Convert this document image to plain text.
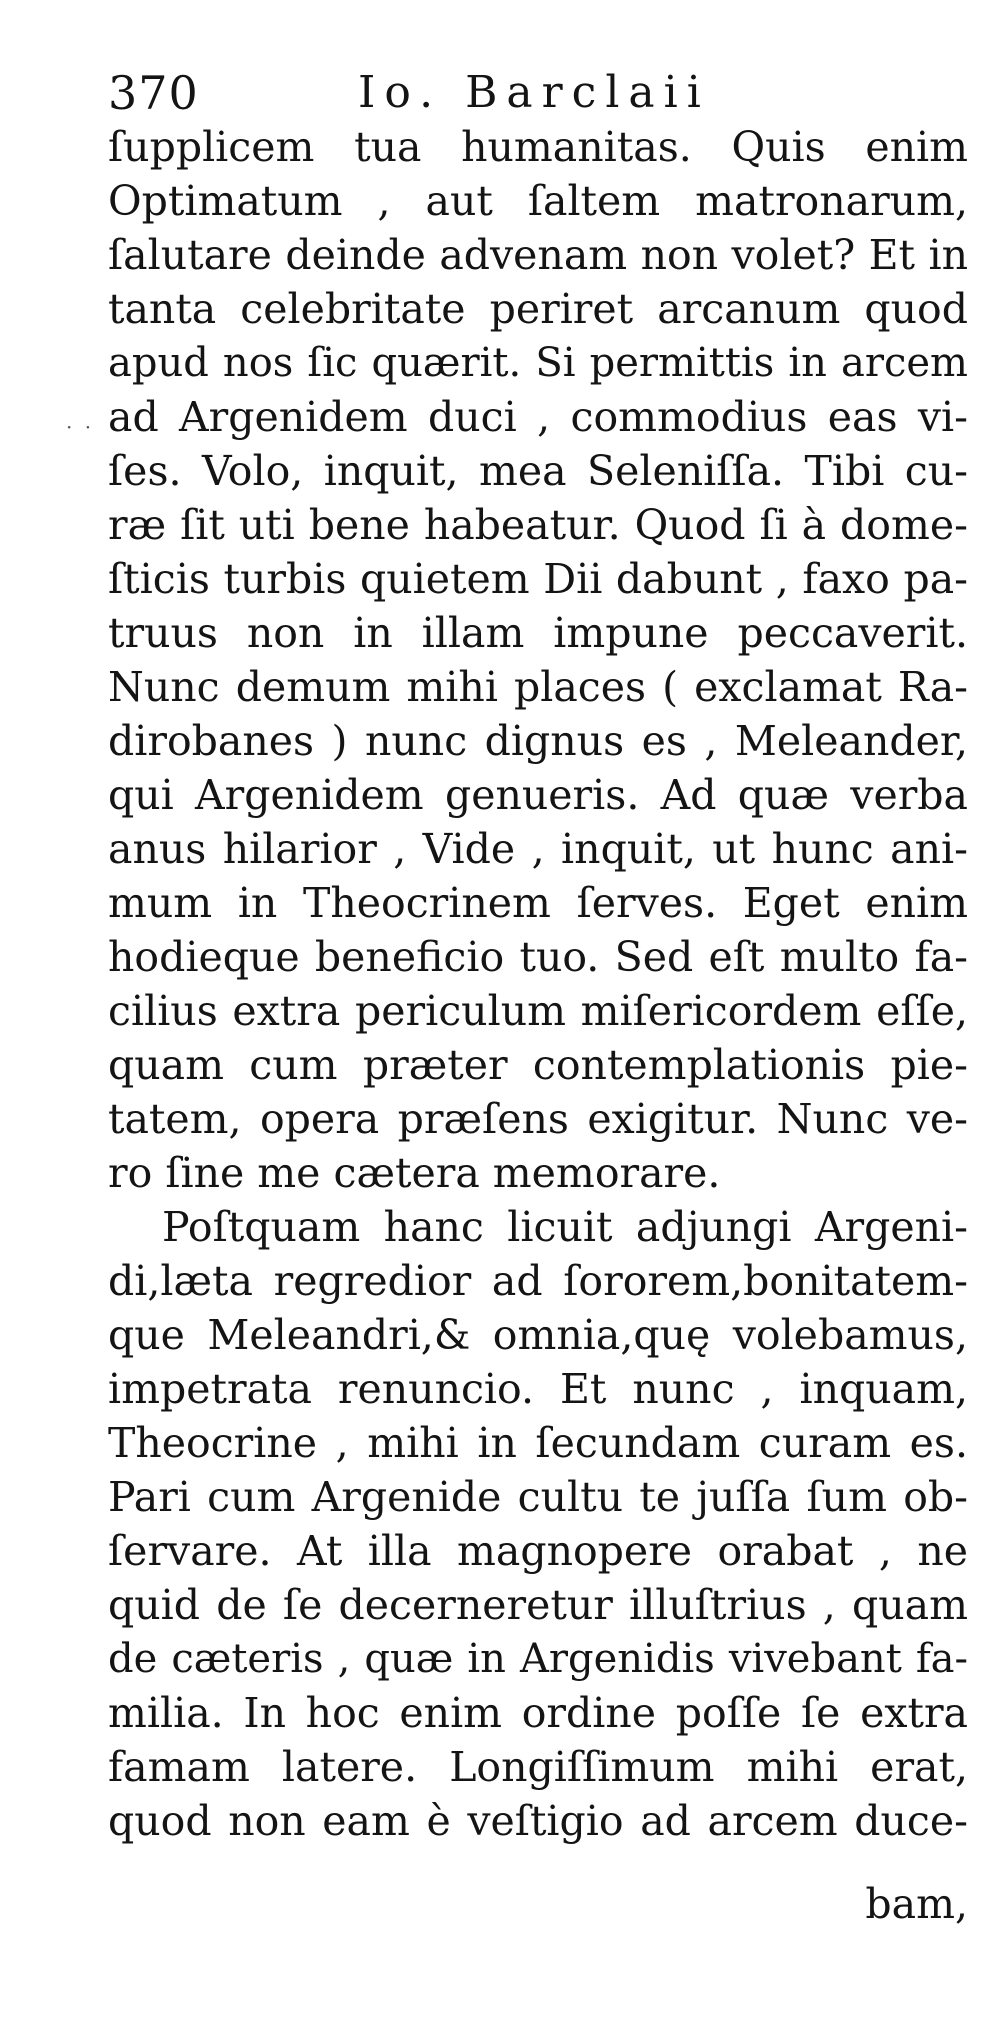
370	Io. Barclaii
· ·
ſupplicem tua humanitas. Quis enim
Optimatum , aut ſaltem matronarum,
ſalutare deinde advenam non volet? Et in
tanta celebritate periret arcanum quod
apud nos ſic quærit. Si permittis in arcem
ad Argenidem duci , commodius eas vi-
ſes. Volo, inquit, mea Seleniſſa. Tibi cu-
ræ ſit uti bene habeatur. Quod ſi à dome-
ſticis turbis quietem Dii dabunt , faxo pa-
truus non in illam impune peccaverit.
Nunc demum mihi places ( exclamat Ra-
dirobanes ) nunc dignus es , Meleander,
qui Argenidem genueris. Ad quæ verba
anus hilarior , Vide , inquit, ut hunc ani-
mum in Theocrinem ſerves. Eget enim
hodieque beneficio tuo. Sed eſt multo fa-
cilius extra periculum miſericordem eſſe,
quam cum præter contemplationis pie-
tatem, opera præſens exigitur. Nunc ve-
ro ſine me cætera memorare.
Poſtquam hanc licuit adjungi Argeni-
di,læta regredior ad ſororem,bonitatem-
que Meleandri,& omnia,quę volebamus,
impetrata renuncio. Et nunc , inquam,
Theocrine , mihi in ſecundam curam es.
Pari cum Argenide cultu te juſſa ſum ob-
ſervare. At illa magnopere orabat , ne
quid de ſe decerneretur illuſtrius , quam
de cæteris , quæ in Argenidis vivebant fa-
milia. In hoc enim ordine poſſe ſe extra
famam latere. Longiſſimum mihi erat,
quod non eam è veſtigio ad arcem duce-
bam,
